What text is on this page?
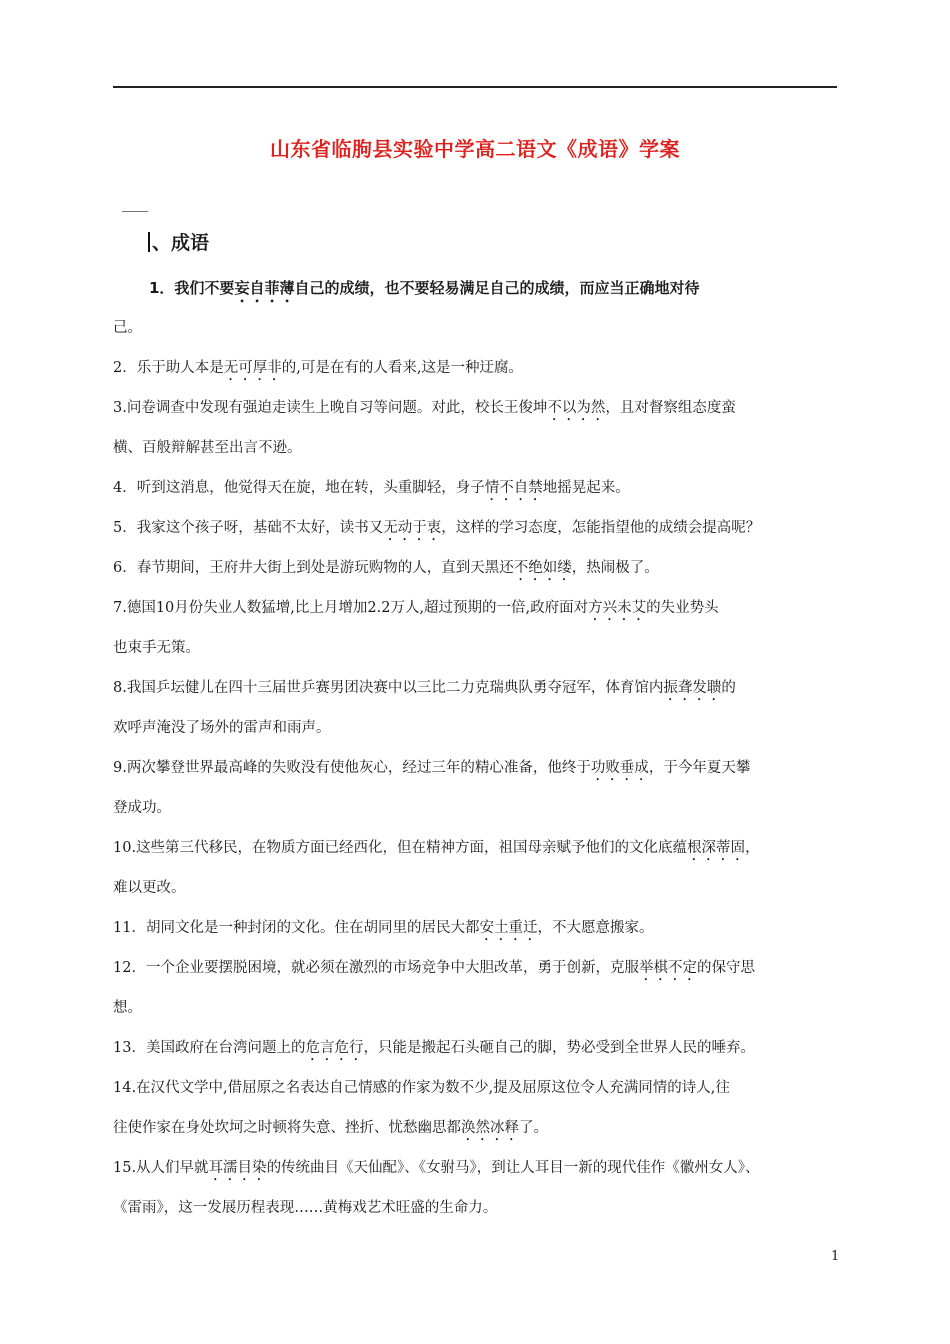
山东省临朐县实验中学高二语文《成语》学案
、成语
1．我们不要妄自菲薄自己的成绩，也不要轻易满足自己的成绩，而应当正确地对待
己。
2．乐于助人本是无可厚非的,可是在有的人看来,这是一种迂腐。
3.问卷调查中发现有强迫走读生上晚自习等问题。对此，校长王俊坤不以为然，且对督察组态度蛮
横、百般辩解甚至出言不逊。
4．听到这消息，他觉得天在旋，地在转，头重脚轻，身子情不自禁地摇晃起来。
5．我家这个孩子呀，基础不太好，读书又无动于衷，这样的学习态度，怎能指望他的成绩会提高呢？
6．春节期间，王府井大街上到处是游玩购物的人，直到天黑还不绝如缕，热闹极了。
7.德国10月份失业人数猛增,比上月增加2.2万人,超过预期的一倍,政府面对方兴未艾的失业势头
也束手无策。
8.我国乒坛健儿在四十三届世乒赛男团决赛中以三比二力克瑞典队勇夺冠军，体育馆内振聋发聩的
欢呼声淹没了场外的雷声和雨声。
9.两次攀登世界最高峰的失败没有使他灰心，经过三年的精心准备，他终于功败垂成，于今年夏天攀
登成功。
10.这些第三代移民，在物质方面已经西化，但在精神方面，祖国母亲赋予他们的文化底蕴根深蒂固，
难以更改。
11．胡同文化是一种封闭的文化。住在胡同里的居民大都安土重迁，不大愿意搬家。
12．一个企业要摆脱困境，就必须在激烈的市场竞争中大胆改革，勇于创新，克服举棋不定的保守思
想。
13．美国政府在台湾问题上的危言危行，只能是搬起石头砸自己的脚，势必受到全世界人民的唾弃。
14.在汉代文学中,借屈原之名表达自己情感的作家为数不少,提及屈原这位令人充满同情的诗人,往
往使作家在身处坎坷之时顿将失意、挫折、忧愁幽思都涣然冰释了。
15.从人们早就耳濡目染的传统曲目《天仙配》、《女驸马》，到让人耳目一新的现代佳作《徽州女人》、
《雷雨》，这一发展历程表现……黄梅戏艺术旺盛的生命力。
1
